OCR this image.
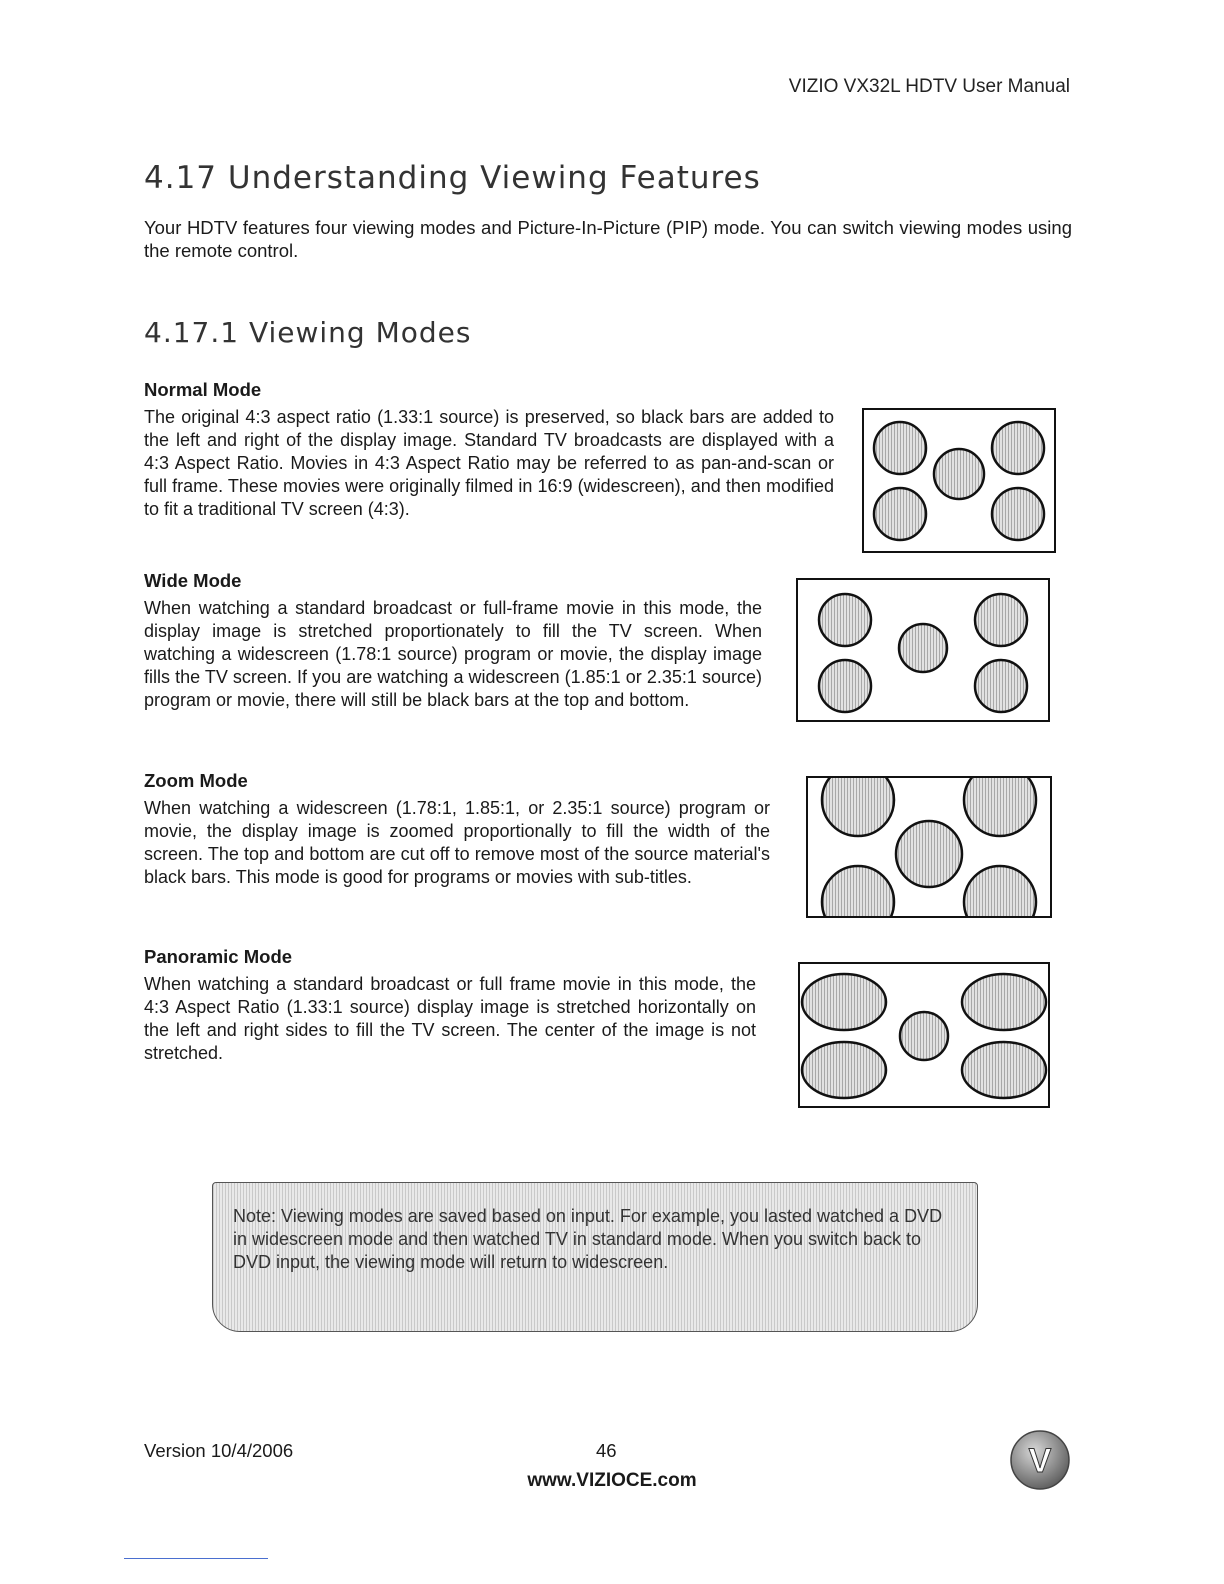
VIZIO VX32L HDTV User Manual
4.17 Understanding Viewing Features
Your HDTV features four viewing modes and Picture-In-Picture (PIP) mode. You can switch viewing modes using the remote control.
4.17.1 Viewing Modes
Normal Mode
The original 4:3 aspect ratio (1.33:1 source) is preserved, so black bars are added to the left and right of the display image. Standard TV broadcasts are displayed with a 4:3 Aspect Ratio. Movies in 4:3 Aspect Ratio may be referred to as pan-and-scan or full frame. These movies were originally filmed in 16:9 (widescreen), and then modified to fit a traditional TV screen (4:3).
Wide Mode
When watching a standard broadcast or full-frame movie in this mode, the display image is stretched proportionately to fill the TV screen. When watching a widescreen (1.78:1 source) program or movie, the display image fills the TV screen. If you are watching a widescreen (1.85:1 or 2.35:1 source) program or movie, there will still be black bars at the top and bottom.
Zoom Mode
When watching a widescreen (1.78:1, 1.85:1, or 2.35:1 source) program or movie, the display image is zoomed proportionally to fill the width of the screen. The top and bottom are cut off to remove most of the source material's black bars. This mode is good for programs or movies with sub-titles.
Panoramic Mode
When watching a standard broadcast or full frame movie in this mode, the 4:3 Aspect Ratio (1.33:1 source) display image is stretched horizontally on the left and right sides to fill the TV screen. The center of the image is not stretched.
Note: Viewing modes are saved based on input. For example, you lasted watched a DVD in widescreen mode and then watched TV in standard mode. When you switch back to DVD input, the viewing mode will return to widescreen.
Version 10/4/2006	46
www.VIZIOCE.com
V
